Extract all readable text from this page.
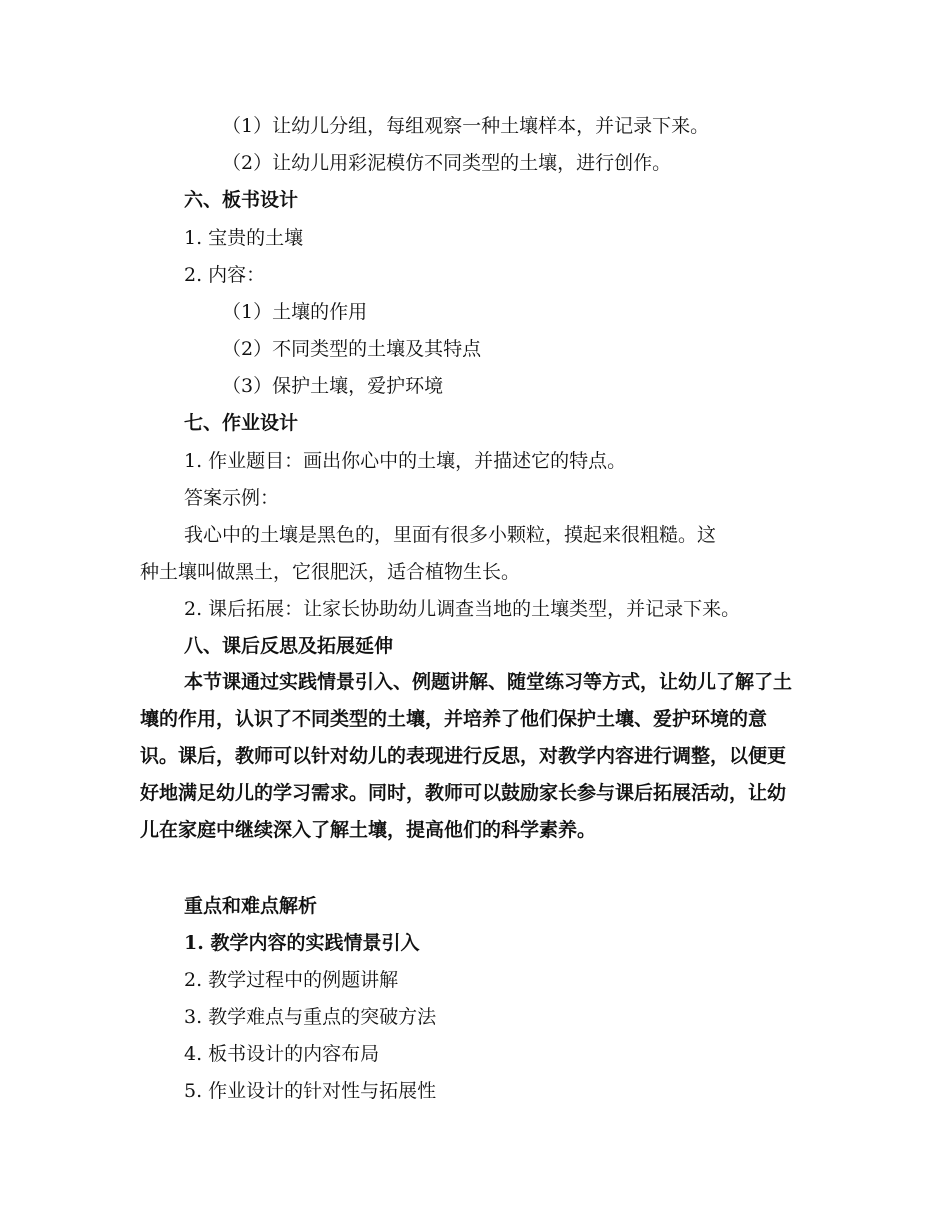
（1）让幼儿分组，每组观察一种土壤样本，并记录下来。
（2）让幼儿用彩泥模仿不同类型的土壤，进行创作。
六、板书设计
1. 宝贵的土壤
2. 内容：
（1）土壤的作用
（2）不同类型的土壤及其特点
（3）保护土壤，爱护环境
七、作业设计
1. 作业题目：画出你心中的土壤，并描述它的特点。
答案示例：
我心中的土壤是黑色的，里面有很多小颗粒，摸起来很粗糙。这
种土壤叫做黑土，它很肥沃，适合植物生长。
2. 课后拓展：让家长协助幼儿调查当地的土壤类型，并记录下来。
八、课后反思及拓展延伸

本节课通过实践情景引入、例题讲解、随堂练习等方式，让幼儿了解了土壤的作用，认识了不同类型的土壤，并培养了他们保护土壤、爱护环境的意识。课后，教师可以针对幼儿的表现进行反思，对教学内容进行调整，以便更好地满足幼儿的学习需求。同时，教师可以鼓励家长参与课后拓展活动，让幼儿在家庭中继续深入了解土壤，提高他们的科学素养。

重点和难点解析
1. 教学内容的实践情景引入
2. 教学过程中的例题讲解
3. 教学难点与重点的突破方法
4. 板书设计的内容布局
5. 作业设计的针对性与拓展性
